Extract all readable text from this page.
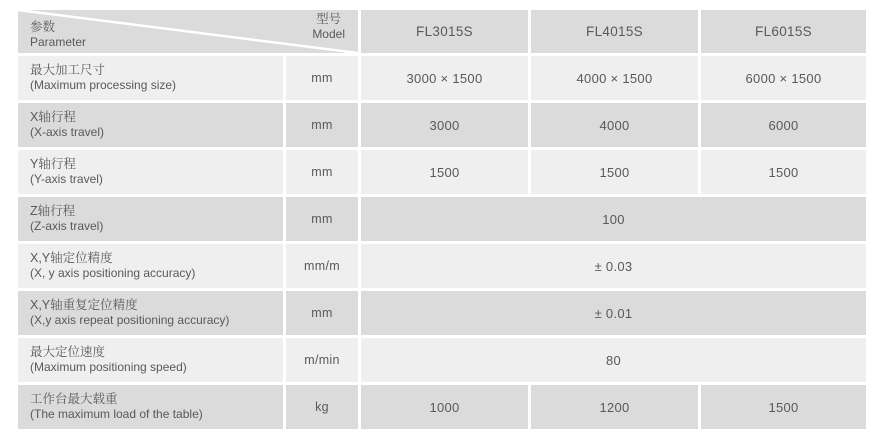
参数
Parameter
型号
Model	FL3015S	FL4015S	FL6015S
最大加工尺寸
(Maximum processing size)	mm	3000 × 1500	4000 × 1500	6000 × 1500
X轴行程
(X-axis travel)	mm	3000	4000	6000
Y轴行程
(Y-axis travel)	mm	1500	1500	1500
Z轴行程
(Z-axis travel)	mm	100
X,Y轴定位精度
(X, y axis positioning accuracy)	mm/m	± 0.03
X,Y轴重复定位精度
(X,y axis repeat positioning accuracy)	mm	± 0.01
最大定位速度
(Maximum positioning speed)	m/min	80
工作台最大载重
(The maximum load of the table)	kg	1000	1200	1500
